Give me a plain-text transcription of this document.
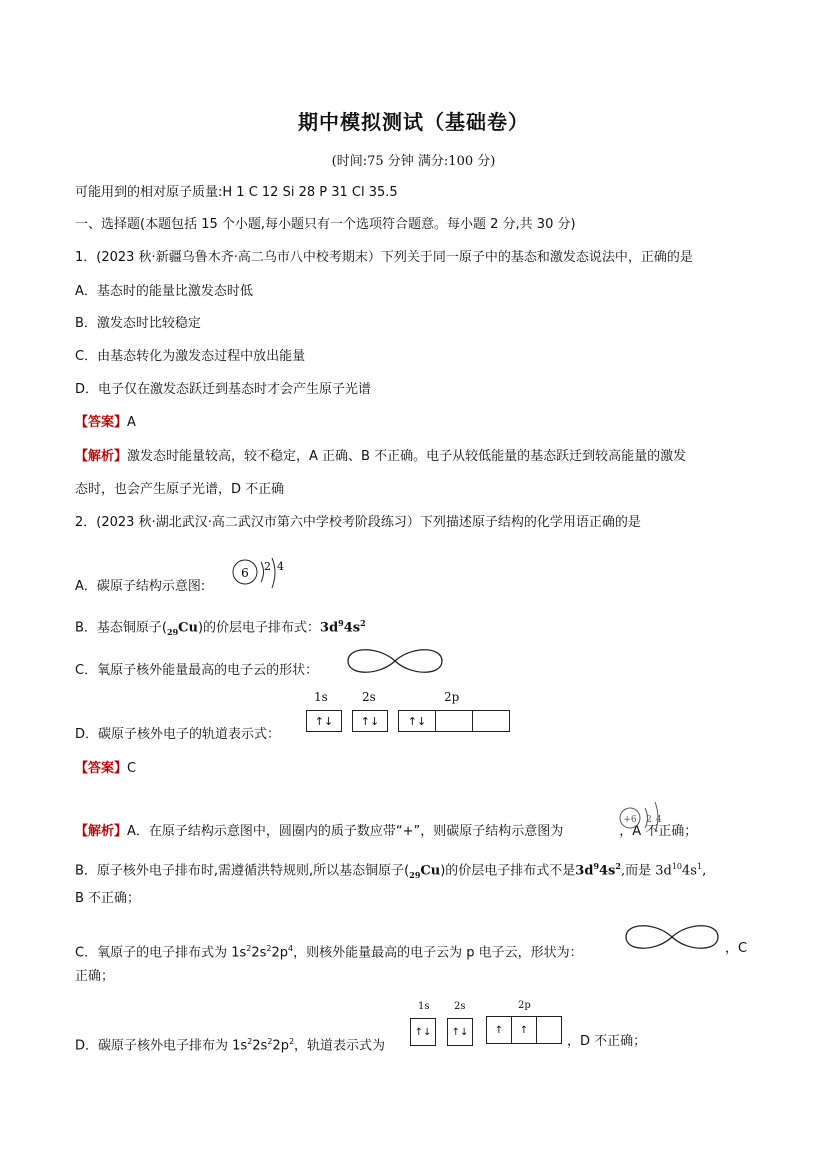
期中模拟测试（基础卷）
(时间:75 分钟 满分:100 分)
可能用到的相对原子质量:H 1 C 12 Si 28 P 31 Cl 35.5
一、选择题(本题包括 15 个小题,每小题只有一个选项符合题意。每小题 2 分,共 30 分)
1．(2023 秋·新疆乌鲁木齐·高二乌市八中校考期末）下列关于同一原子中的基态和激发态说法中，正确的是
A．基态时的能量比激发态时低
B．激发态时比较稳定
C．由基态转化为激发态过程中放出能量
D．电子仅在激发态跃迁到基态时才会产生原子光谱
【答案】A
【解析】激发态时能量较高，较不稳定，A 正确、B 不正确。电子从较低能量的基态跃迁到较高能量的激发
态时，也会产生原子光谱，D 不正确
2．(2023 秋·湖北武汉·高二武汉市第六中学校考阶段练习）下列描述原子结构的化学用语正确的是
A．碳原子结构示意图:
6 2 4
B．基态铜原子$(_{29}Cu)$的价层电子排布式：$3d^94s^2$
C．氧原子核外能量最高的电子云的形状：
D．碳原子核外电子的轨道表示式：
1s	2s	2p
↑↓	↑↓	↑↓
【答案】C
【解析】A．在原子结构示意图中，圆圈内的质子数应带“+”，则碳原子结构示意图为	，A 不正确；
+6 2 4
B．原子核外电子排布时,需遵循洪特规则,所以基态铜原子$(_{29}Cu)$的价层电子排布式不是$3d^94s^2$,而是 $3d^{10}4s^1$,
B 不正确；
C．氧原子的电子排布式为 $1s^22s^22p^4$，则核外能量最高的电子云为 p 电子云，形状为：	，C
正确；
D．碳原子核外电子排布为 $1s^22s^22p^2$，轨道表示式为	，D 不正确；
1s 2s	2p
↑↓	↑↓	↑	↑
